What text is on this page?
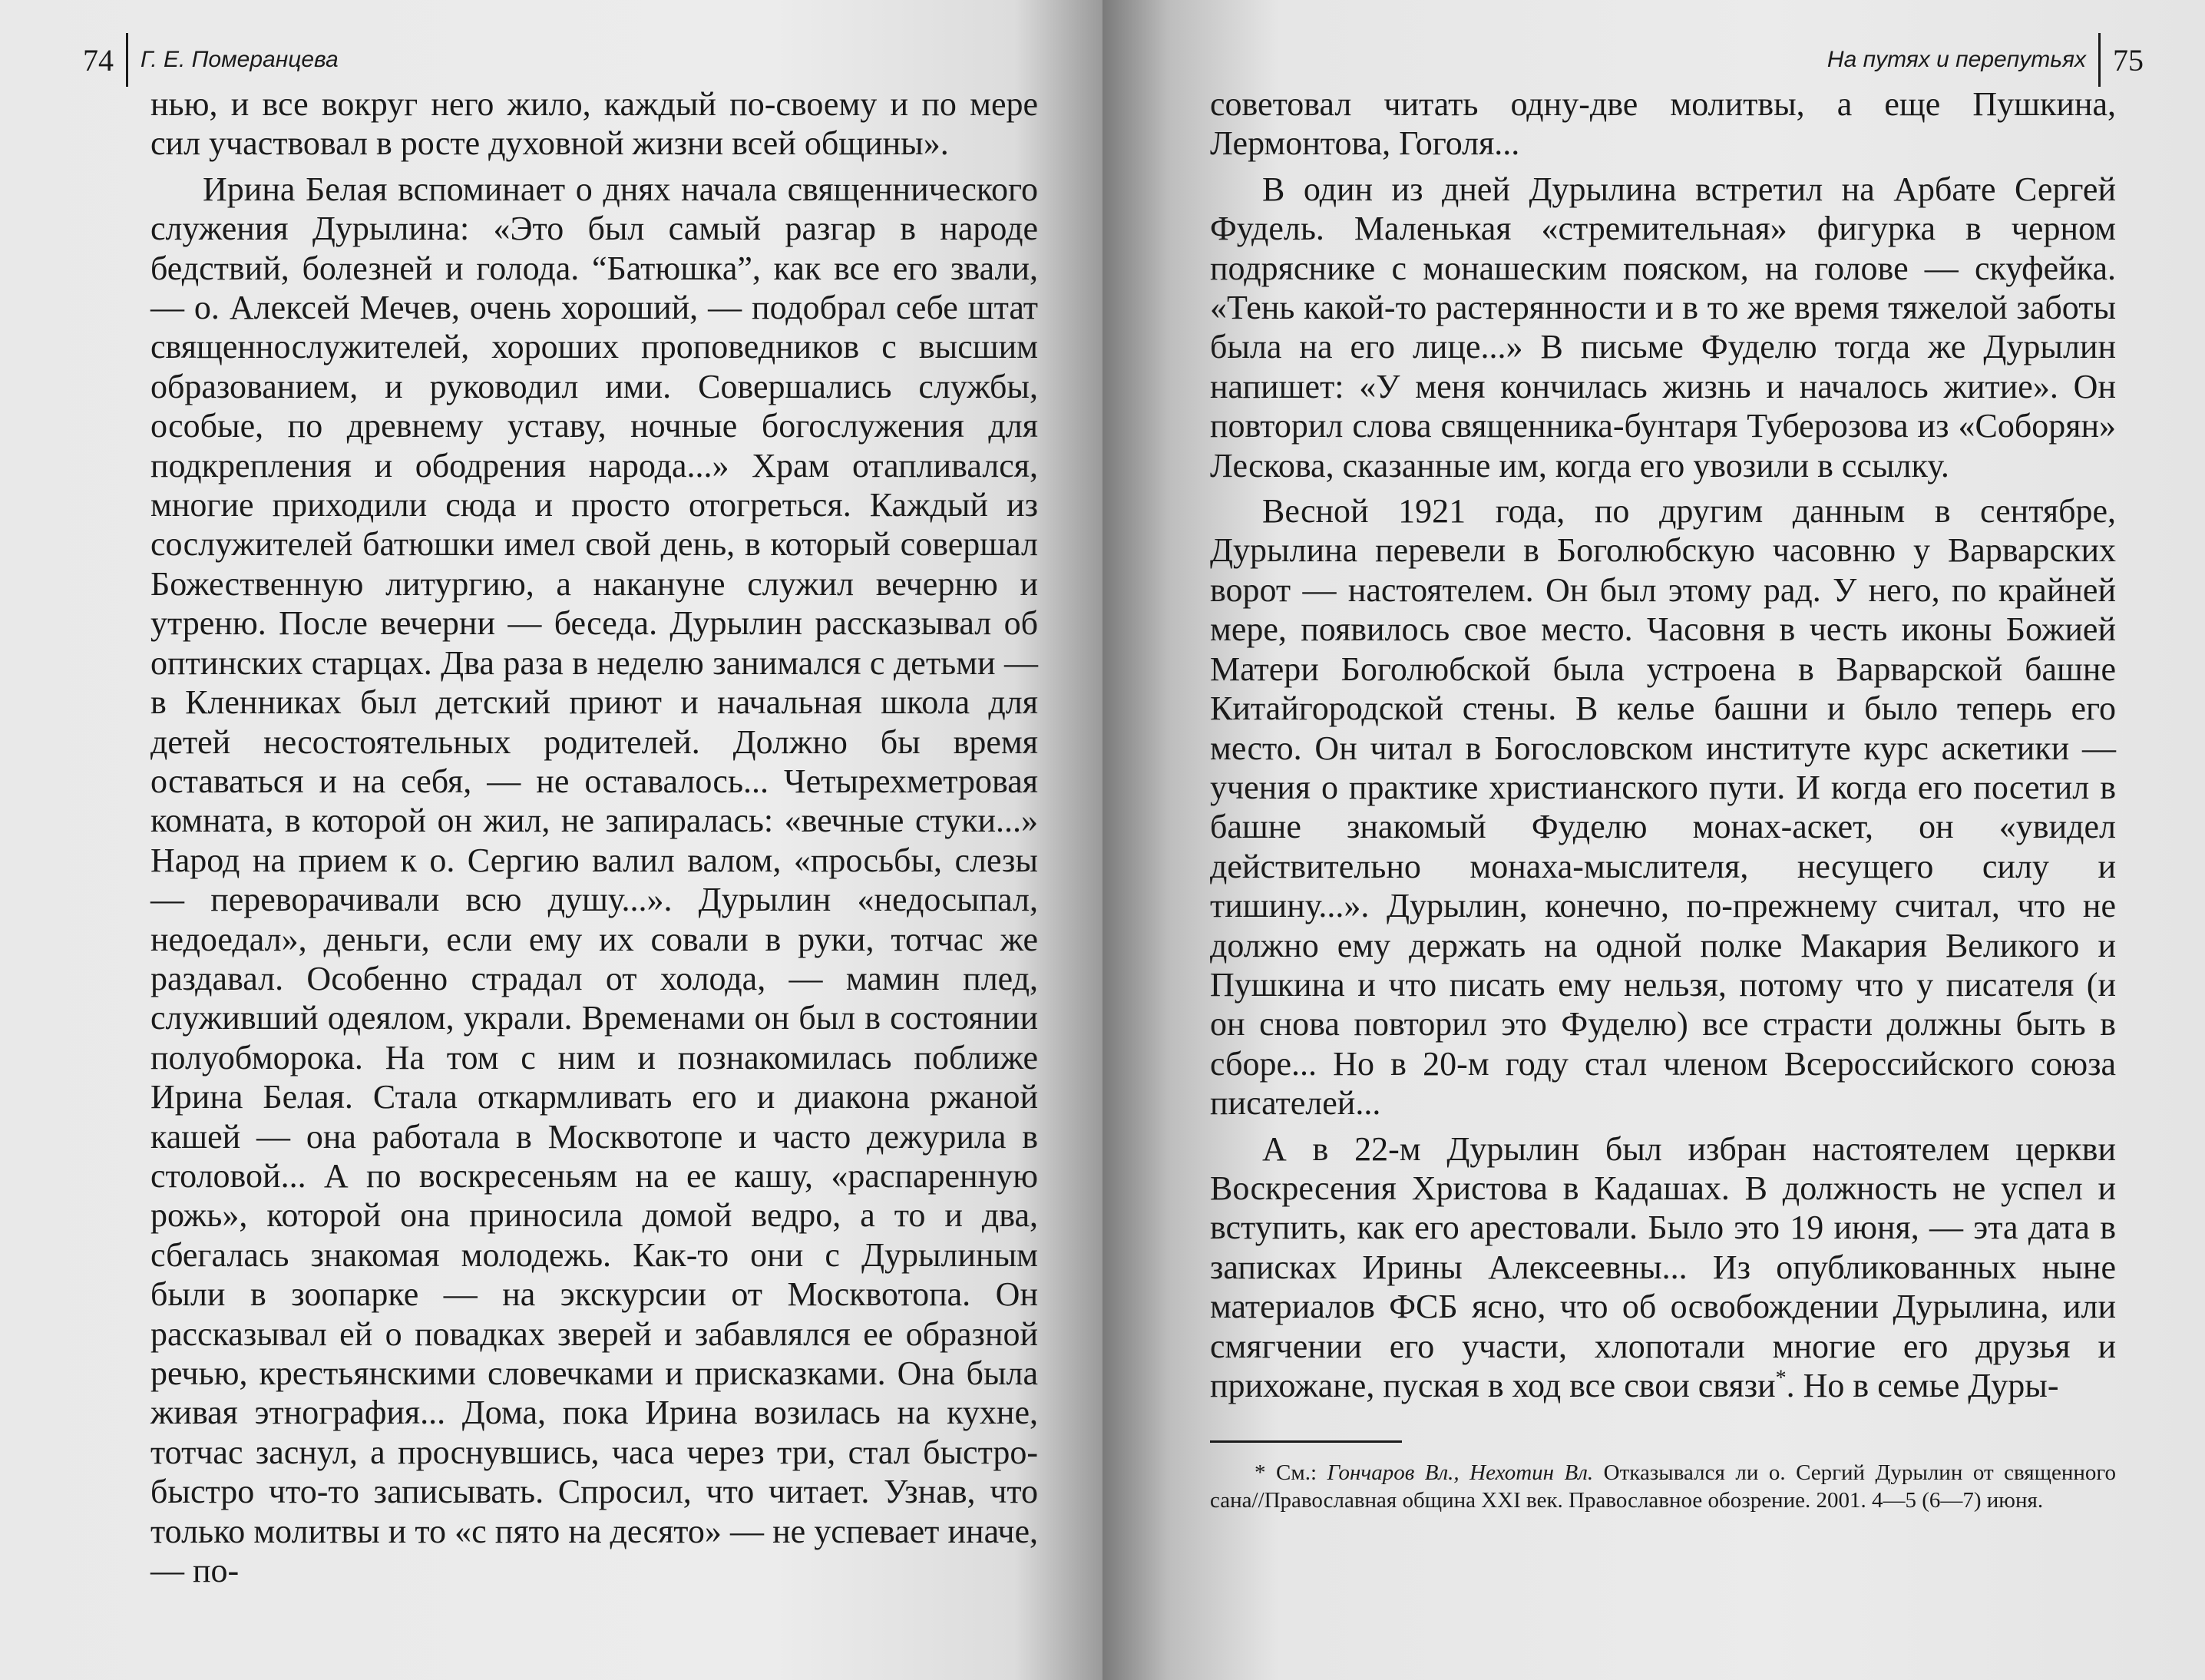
74 Г. Е. Померанцева

нью, и все вокруг него жило, каждый по-своему и по мере сил участвовал в росте духовной жизни всей общины».

Ирина Белая вспоминает о днях начала священнического служения Дурылина: «Это был самый разгар в народе бедствий, болезней и голода. “Батюшка”, как все его звали, — о. Алексей Мечев, очень хороший, — подобрал себе штат священнослужителей, хороших проповедников с высшим образованием, и руководил ими. Совершались службы, особые, по древнему уставу, ночные богослужения для подкрепления и ободрения народа...» Храм отапливался, многие приходили сюда и просто отогреться. Каждый из сослужителей батюшки имел свой день, в который совершал Божественную литургию, а накануне служил вечерню и утреню. После вечерни — беседа. Дурылин рассказывал об оптинских старцах. Два раза в неделю занимался с детьми — в Кленниках был детский приют и начальная школа для детей несостоятельных родителей. Должно бы время оставаться и на себя, — не оставалось... Четырехметровая комната, в которой он жил, не запиралась: «вечные стуки...» Народ на прием к о. Сергию валил валом, «просьбы, слезы — переворачивали всю душу...». Дурылин «недосыпал, недоедал», деньги, если ему их совали в руки, тотчас же раздавал. Особенно страдал от холода, — мамин плед, служивший одеялом, украли. Временами он был в состоянии полуобморока. На том с ним и познакомилась поближе Ирина Белая. Стала откармливать его и диакона ржаной кашей — она работала в Москвотопе и часто дежурила в столовой... А по воскресеньям на ее кашу, «распаренную рожь», которой она приносила домой ведро, а то и два, сбегалась знакомая молодежь. Как-то они с Дурылиным были в зоопарке — на экскурсии от Москвотопа. Он рассказывал ей о повадках зверей и забавлялся ее образной речью, крестьянскими словечками и присказками. Она была живая этнография... Дома, пока Ирина возилась на кухне, тотчас заснул, а проснувшись, часа через три, стал быстро-быстро что-то записывать. Спросил, что читает. Узнав, что только молитвы и то «с пято на десято» — не успевает иначе, — по-

На путях и перепутьях 75

советовал читать одну-две молитвы, а еще Пушкина, Лермонтова, Гоголя...

В один из дней Дурылина встретил на Арбате Сергей Фудель. Маленькая «стремительная» фигурка в черном подряснике с монашеским пояском, на голове — скуфейка. «Тень какой-то растерянности и в то же время тяжелой заботы была на его лице...» В письме Фуделю тогда же Дурылин напишет: «У меня кончилась жизнь и началось житие». Он повторил слова священника-бунтаря Туберозова из «Соборян» Лескова, сказанные им, когда его увозили в ссылку.

Весной 1921 года, по другим данным в сентябре, Дурылина перевели в Боголюбскую часовню у Варварских ворот — настоятелем. Он был этому рад. У него, по крайней мере, появилось свое место. Часовня в честь иконы Божией Матери Боголюбской была устроена в Варварской башне Китайгородской стены. В келье башни и было теперь его место. Он читал в Богословском институте курс аскетики — учения о практике христианского пути. И когда его посетил в башне знакомый Фуделю монах-аскет, он «увидел действительно монаха-мыслителя, несущего силу и тишину...». Дурылин, конечно, по-прежнему считал, что не должно ему держать на одной полке Макария Великого и Пушкина и что писать ему нельзя, потому что у писателя (и он снова повторил это Фуделю) все страсти должны быть в сборе... Но в 20-м году стал членом Всероссийского союза писателей...

А в 22-м Дурылин был избран настоятелем церкви Воскресения Христова в Кадашах. В должность не успел и вступить, как его арестовали. Было это 19 июня, — эта дата в записках Ирины Алексеевны... Из опубликованных ныне материалов ФСБ ясно, что об освобождении Дурылина, или смягчении его участи, хлопотали многие его друзья и прихожане, пуская в ход все свои связи*. Но в семье Дуры-

* См.: Гончаров Вл., Нехотин Вл. Отказывался ли о. Сергий Дурылин от священного сана//Православная община XXI век. Православное обозрение. 2001. 4—5 (6—7) июня.
